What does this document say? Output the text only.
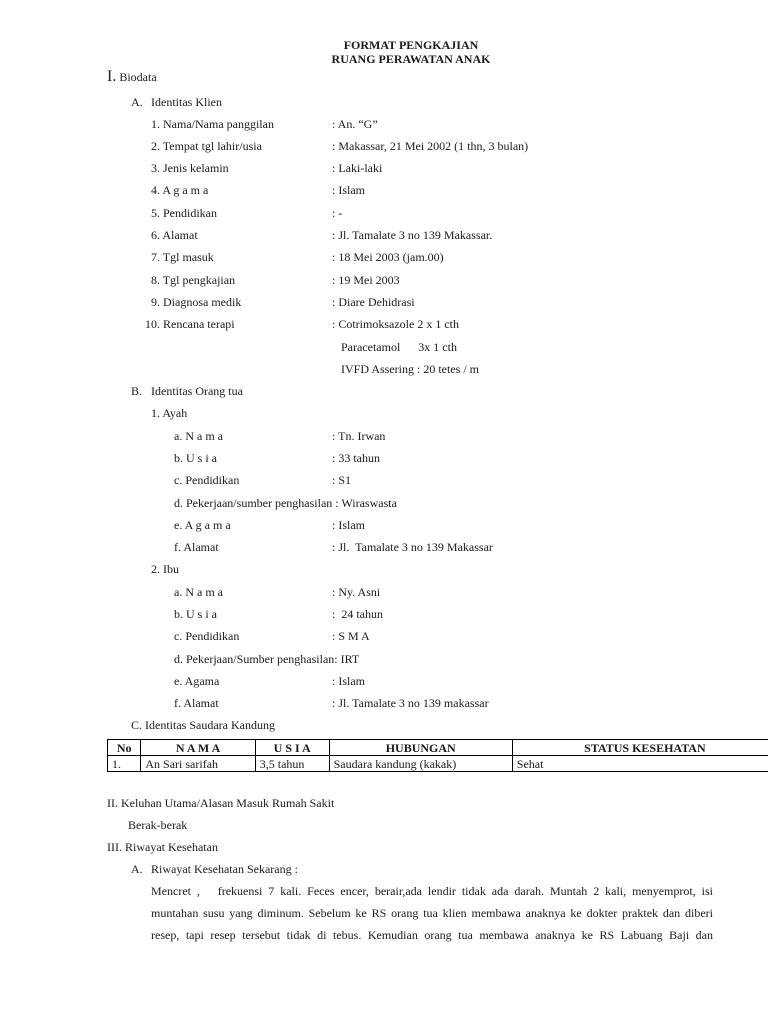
FORMAT PENGKAJIAN
RUANG PERAWATAN ANAK
I. Biodata
A. Identitas Klien
1. Nama/Nama panggilan	: An. “G”
2. Tempat tgl lahir/usia	: Makassar, 21 Mei 2002 (1 thn, 3 bulan)
3. Jenis kelamin	: Laki-laki
4. A g a m a	: Islam
5. Pendidikan	: -
6. Alamat	: Jl. Tamalate 3 no 139 Makassar.
7. Tgl masuk	: 18 Mei 2003 (jam.00)
8. Tgl pengkajian	: 19 Mei 2003
9. Diagnosa medik	: Diare Dehidrasi
10. Rencana terapi	: Cotrimoksazole 2 x 1 cth
Paracetamol      3x 1 cth
IVFD Assering : 20 tetes / m
B. Identitas Orang tua
1. Ayah
a. N a m a	: Tn. Irwan
b. U s i a	: 33 tahun
c. Pendidikan	: S1
d. Pekerjaan/sumber penghasilan : Wiraswasta
e. A g a m a	: Islam
f. Alamat	: Jl.  Tamalate 3 no 139 Makassar
2. Ibu
a. N a m a	: Ny. Asni
b. U s i a	:  24 tahun
c. Pendidikan	: S M A
d. Pekerjaan/Sumber penghasilan: IRT
e. Agama	: Islam
f. Alamat	: Jl. Tamalate 3 no 139 makassar
C. Identitas Saudara Kandung
No	N A M A	U S I A	HUBUNGAN	STATUS KESEHATAN
1.	An Sari sarifah	3,5 tahun	Saudara kandung (kakak)	Sehat
II. Keluhan Utama/Alasan Masuk Rumah Sakit
Berak-berak
III. Riwayat Kesehatan
A. Riwayat Kesehatan Sekarang :

Mencret ,   frekuensi 7 kali. Feces encer, berair,ada lendir tidak ada darah. Muntah 2 kali, menyemprot, isi

muntahan susu yang diminum. Sebelum ke RS orang tua klien membawa anaknya ke dokter praktek dan diberi

resep, tapi resep tersebut tidak di tebus. Kemudian orang tua membawa anaknya ke RS Labuang Baji dan
